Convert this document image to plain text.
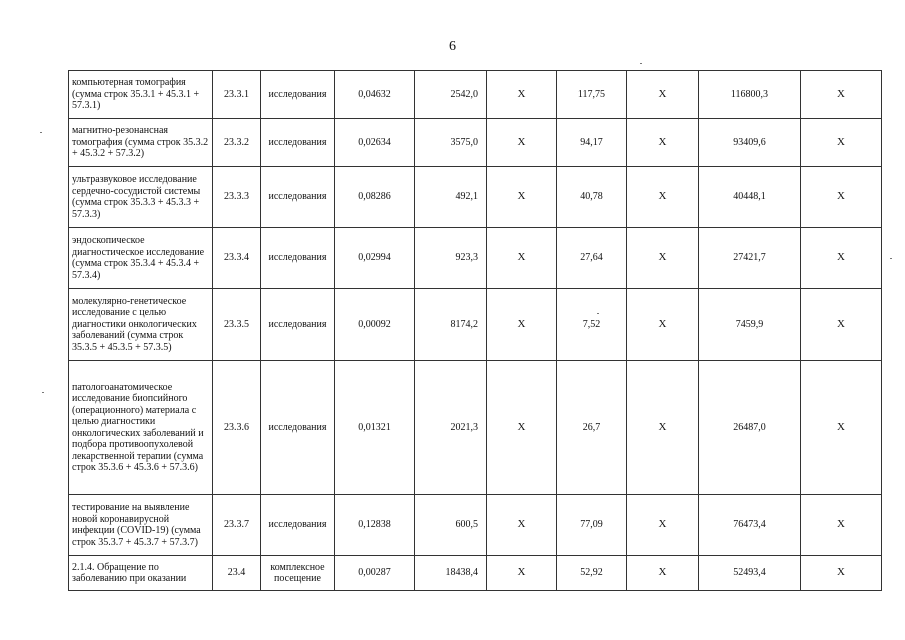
6
компьютерная томография (сумма строк 35.3.1 + 45.3.1 + 57.3.1)	23.3.1	исследования	0,04632	2542,0	X	117,75	X	116800,3	X
магнитно-резонансная томография (сумма строк 35.3.2 + 45.3.2 + 57.3.2)	23.3.2	исследования	0,02634	3575,0	X	94,17	X	93409,6	X
ультразвуковое исследование сердечно-сосудистой системы (сумма строк 35.3.3 + 45.3.3 + 57.3.3)	23.3.3	исследования	0,08286	492,1	X	40,78	X	40448,1	X
эндоскопическое диагностическое исследование (сумма строк 35.3.4 + 45.3.4 + 57.3.4)	23.3.4	исследования	0,02994	923,3	X	27,64	X	27421,7	X
молекулярно-генетическое исследование с целью диагностики онкологических заболеваний (сумма строк 35.3.5 + 45.3.5 + 57.3.5)	23.3.5	исследования	0,00092	8174,2	X	7,52	X	7459,9	X
патологоанатомическое исследование биопсийного (операционного) материала с целью диагностики онкологических заболеваний и подбора противоопухолевой лекарственной терапии (сумма строк 35.3.6 + 45.3.6 + 57.3.6)	23.3.6	исследования	0,01321	2021,3	X	26,7	X	26487,0	X
тестирование на выявление новой коронавирусной инфекции (COVID-19) (сумма строк 35.3.7 + 45.3.7 + 57.3.7)	23.3.7	исследования	0,12838	600,5	X	77,09	X	76473,4	X
2.1.4. Обращение по заболеванию при оказании	23.4	комплексное посещение	0,00287	18438,4	X	52,92	X	52493,4	X
